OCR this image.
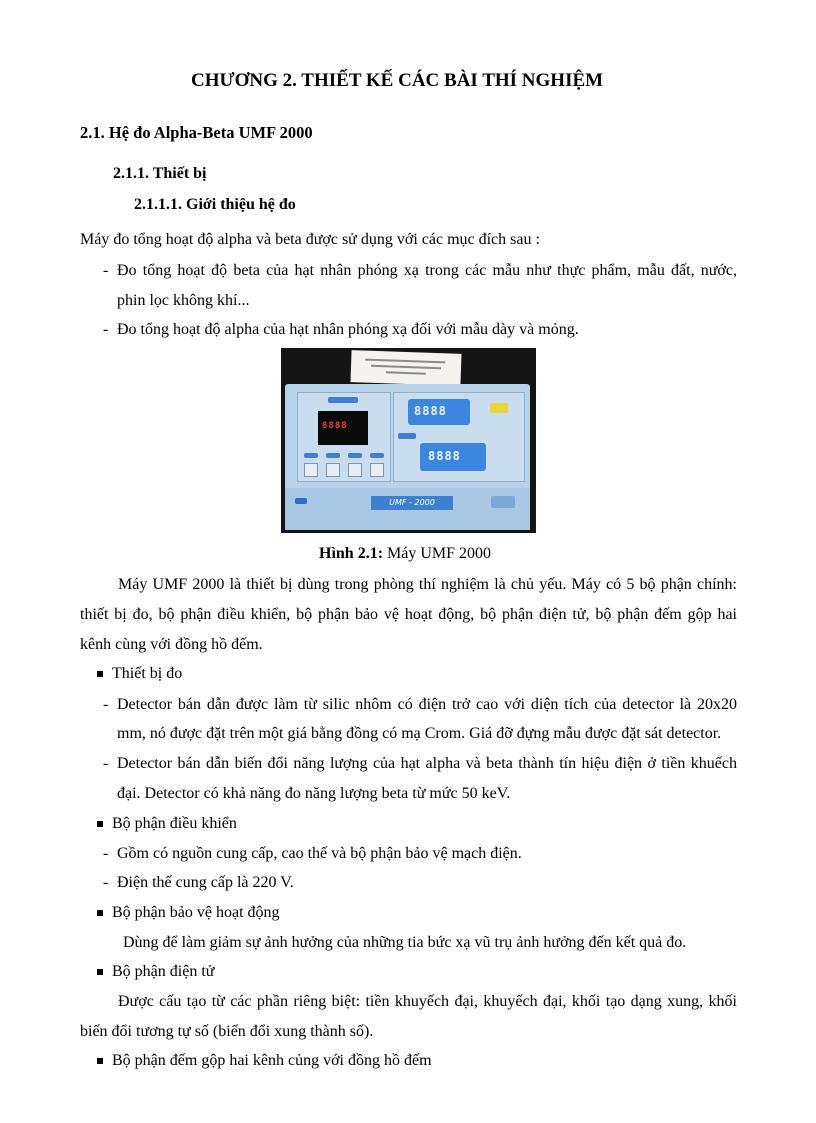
CHƯƠNG 2. THIẾT KẾ CÁC BÀI THÍ NGHIỆM
2.1. Hệ đo Alpha-Beta UMF 2000
2.1.1. Thiết bị
2.1.1.1. Giới thiệu hệ đo
Máy đo tổng hoạt độ alpha và beta được sử dụng với các mục đích sau :
- Đo tổng hoạt độ beta của hạt nhân phóng xạ trong các mẫu như thực phẩm, mẫu đất, nước,
phin lọc không khí...
- Đo tổng hoạt độ alpha của hạt nhân phóng xạ đối với mẫu dày và mỏng.
8888
8888
8888
UMF - 2000
Hình 2.1: Máy UMF 2000
Máy UMF 2000 là thiết bị dùng trong phòng thí nghiệm là chủ yếu. Máy có 5 bộ phận chính:
thiết bị đo, bộ phận điều khiển, bộ phận bảo vệ hoạt động, bộ phận điện tử, bộ phận đếm gộp hai
kênh cùng với đồng hồ đếm.
Thiết bị đo
- Detector bán dẫn được làm từ silic nhôm có điện trở cao với diện tích của detector là 20x20
mm, nó được đặt trên một giá bằng đồng có mạ Crom. Giá đỡ đựng mẫu được đặt sát detector.
- Detector bán dẫn biến đổi năng lượng của hạt alpha và beta thành tín hiệu điện ở tiền khuếch
đại. Detector có khả năng đo năng lượng beta từ mức 50 keV.
Bộ phận điều khiển
- Gồm có nguồn cung cấp, cao thế và bộ phận bảo vệ mạch điện.
- Điện thế cung cấp là 220 V.
Bộ phận bảo vệ hoạt động
Dùng để làm giảm sự ảnh hưởng của những tia bức xạ vũ trụ ảnh hưởng đến kết quả đo.
Bộ phận điện tử
Được cấu tạo từ các phần riêng biệt: tiền khuyếch đại, khuyếch đại, khối tạo dạng xung, khối
biến đổi tương tự số (biến đổi xung thành số).
Bộ phận đếm gộp hai kênh củng với đồng hồ đếm
